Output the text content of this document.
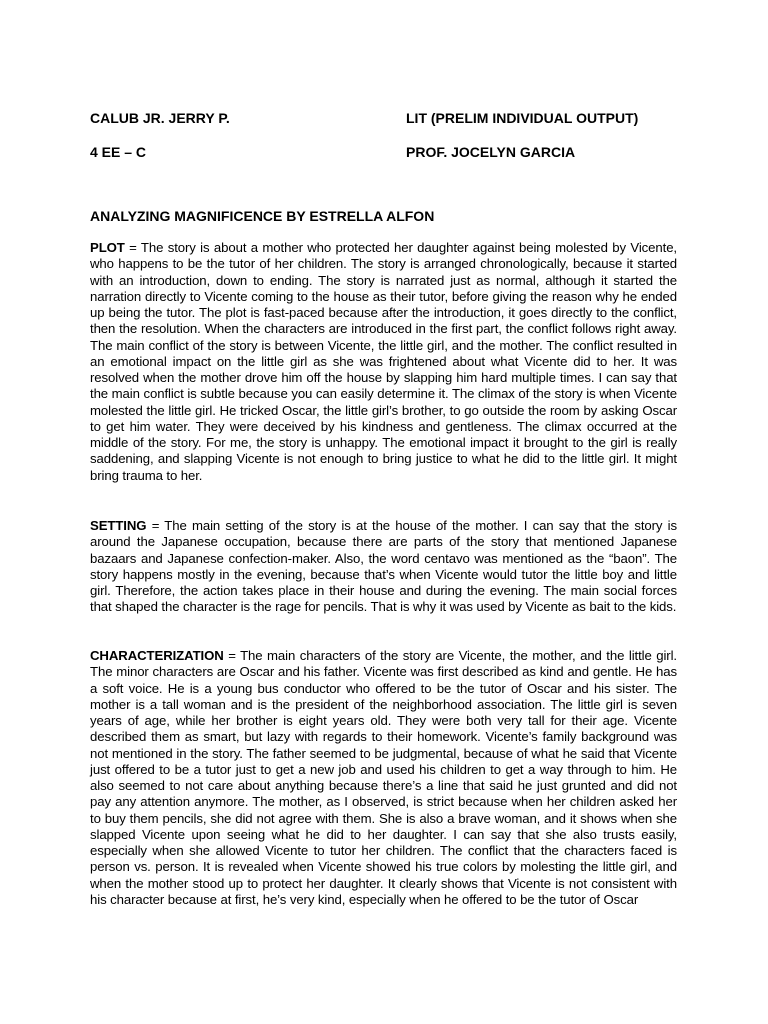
CALUB JR. JERRY P.	LIT (PRELIM INDIVIDUAL OUTPUT)
4 EE – C	PROF. JOCELYN GARCIA
ANALYZING MAGNIFICENCE BY ESTRELLA ALFON
PLOT = The story is about a mother who protected her daughter against being molested by Vicente, who happens to be the tutor of her children. The story is arranged chronologically, because it started with an introduction, down to ending. The story is narrated just as normal, although it started the narration directly to Vicente coming to the house as their tutor, before giving the reason why he ended up being the tutor. The plot is fast-paced because after the introduction, it goes directly to the conflict, then the resolution. When the characters are introduced in the first part, the conflict follows right away. The main conflict of the story is between Vicente, the little girl, and the mother. The conflict resulted in an emotional impact on the little girl as she was frightened about what Vicente did to her. It was resolved when the mother drove him off the house by slapping him hard multiple times. I can say that the main conflict is subtle because you can easily determine it. The climax of the story is when Vicente molested the little girl. He tricked Oscar, the little girl’s brother, to go outside the room by asking Oscar to get him water. They were deceived by his kindness and gentleness. The climax occurred at the middle of the story. For me, the story is unhappy. The emotional impact it brought to the girl is really saddening, and slapping Vicente is not enough to bring justice to what he did to the little girl. It might bring trauma to her.
SETTING = The main setting of the story is at the house of the mother. I can say that the story is around the Japanese occupation, because there are parts of the story that mentioned Japanese bazaars and Japanese confection-maker. Also, the word centavo was mentioned as the “baon”. The story happens mostly in the evening, because that’s when Vicente would tutor the little boy and little girl. Therefore, the action takes place in their house and during the evening. The main social forces that shaped the character is the rage for pencils. That is why it was used by Vicente as bait to the kids.
CHARACTERIZATION = The main characters of the story are Vicente, the mother, and the little girl. The minor characters are Oscar and his father. Vicente was first described as kind and gentle. He has a soft voice. He is a young bus conductor who offered to be the tutor of Oscar and his sister. The mother is a tall woman and is the president of the neighborhood association. The little girl is seven years of age, while her brother is eight years old. They were both very tall for their age. Vicente described them as smart, but lazy with regards to their homework. Vicente’s family background was not mentioned in the story. The father seemed to be judgmental, because of what he said that Vicente just offered to be a tutor just to get a new job and used his children to get a way through to him. He also seemed to not care about anything because there’s a line that said he just grunted and did not pay any attention anymore. The mother, as I observed, is strict because when her children asked her to buy them pencils, she did not agree with them. She is also a brave woman, and it shows when she slapped Vicente upon seeing what he did to her daughter. I can say that she also trusts easily, especially when she allowed Vicente to tutor her children. The conflict that the characters faced is person vs. person. It is revealed when Vicente showed his true colors by molesting the little girl, and when the mother stood up to protect her daughter. It clearly shows that Vicente is not consistent with his character because at first, he’s very kind, especially when he offered to be the tutor of Oscar
